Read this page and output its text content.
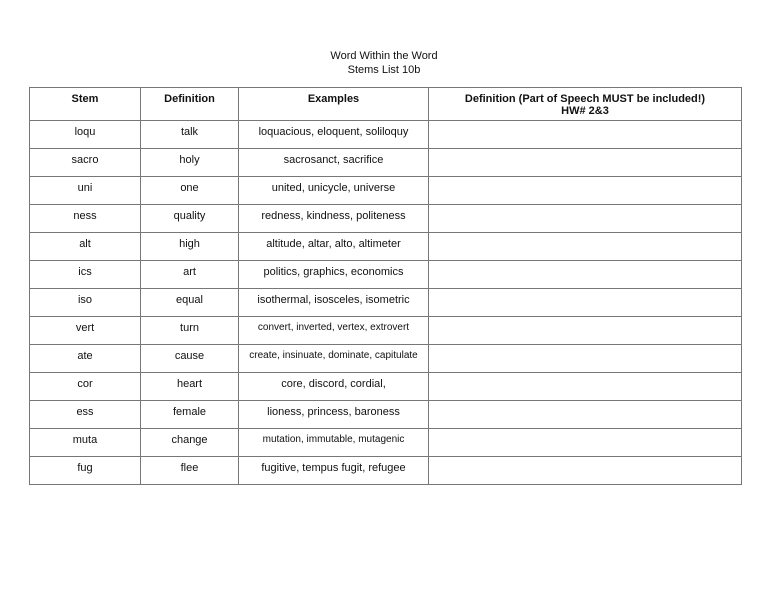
Word Within the Word
Stems List 10b
Stem	Definition	Examples	Definition (Part of Speech MUST be included!)
HW# 2&3
loqu	talk	loquacious, eloquent, soliloquy	
sacro	holy	sacrosanct, sacrifice	
uni	one	united, unicycle, universe	
ness	quality	redness, kindness, politeness	
alt	high	altitude, altar, alto, altimeter	
ics	art	politics, graphics, economics	
iso	equal	isothermal, isosceles, isometric	
vert	turn	convert, inverted, vertex, extrovert	
ate	cause	create, insinuate, dominate, capitulate	
cor	heart	core, discord, cordial,	
ess	female	lioness, princess, baroness	
muta	change	mutation, immutable, mutagenic	
fug	flee	fugitive, tempus fugit, refugee	
